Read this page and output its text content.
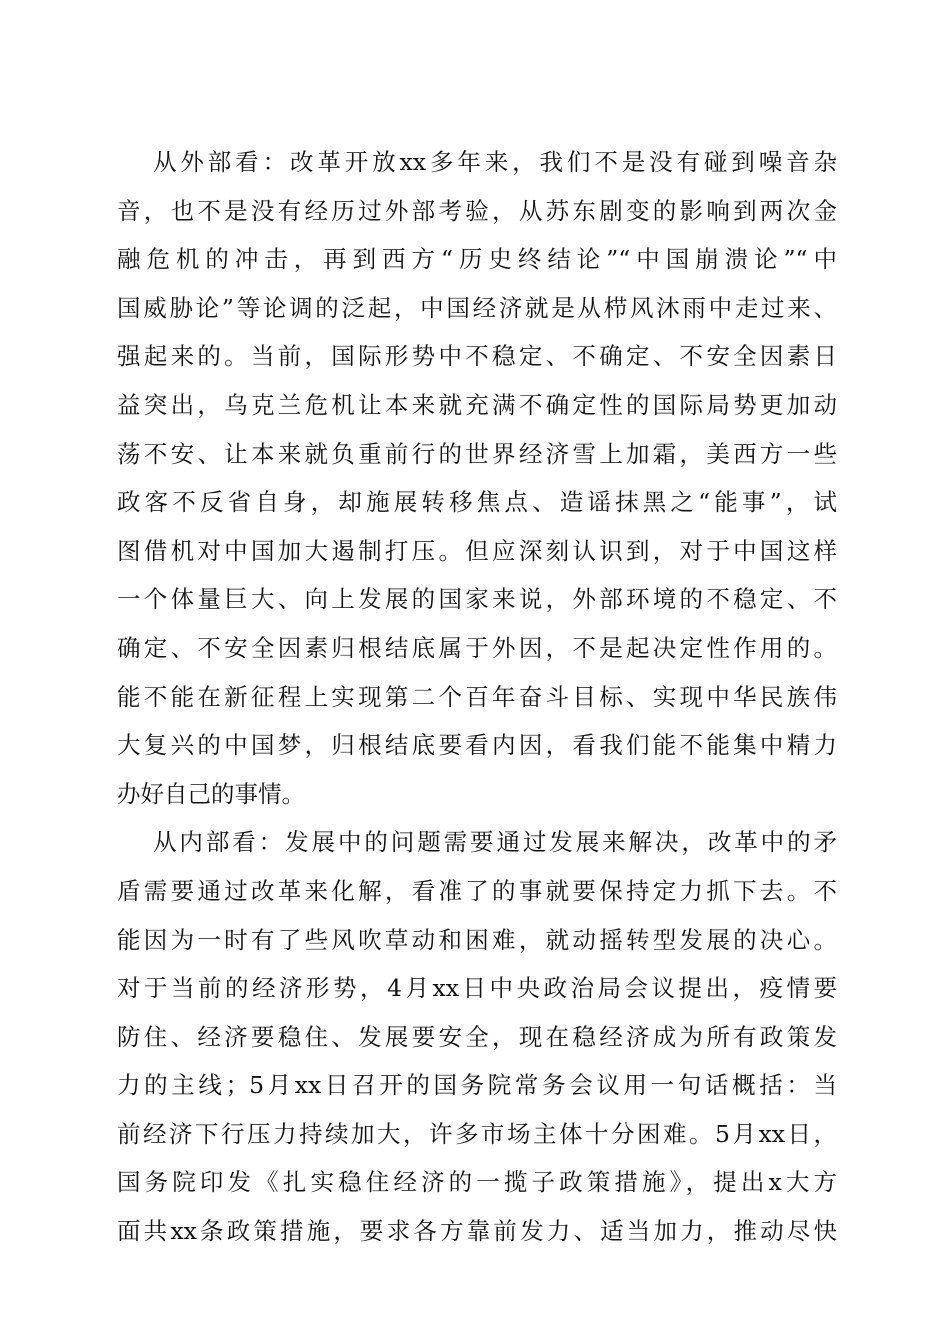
从外部看：改革开放xx多年来，我们不是没有碰到噪音杂
音，也不是没有经历过外部考验，从苏东剧变的影响到两次金
融危机的冲击，再到西方“历史终结论”“中国崩溃论”“中
国威胁论”等论调的泛起，中国经济就是从栉风沐雨中走过来、
强起来的。当前，国际形势中不稳定、不确定、不安全因素日
益突出，乌克兰危机让本来就充满不确定性的国际局势更加动
荡不安、让本来就负重前行的世界经济雪上加霜，美西方一些
政客不反省自身，却施展转移焦点、造谣抹黑之“能事”，试
图借机对中国加大遏制打压。但应深刻认识到，对于中国这样
一个体量巨大、向上发展的国家来说，外部环境的不稳定、不
确定、不安全因素归根结底属于外因，不是起决定性作用的。
能不能在新征程上实现第二个百年奋斗目标、实现中华民族伟
大复兴的中国梦，归根结底要看内因，看我们能不能集中精力
办好自己的事情。
从内部看：发展中的问题需要通过发展来解决，改革中的矛
盾需要通过改革来化解，看准了的事就要保持定力抓下去。不
能因为一时有了些风吹草动和困难，就动摇转型发展的决心。
对于当前的经济形势，4月xx日中央政治局会议提出，疫情要
防住、经济要稳住、发展要安全，现在稳经济成为所有政策发
力的主线；5月xx日召开的国务院常务会议用一句话概括：当
前经济下行压力持续加大，许多市场主体十分困难。5月xx日，
国务院印发《扎实稳住经济的一揽子政策措施》，提出x大方
面共xx条政策措施，要求各方靠前发力、适当加力，推动尽快
